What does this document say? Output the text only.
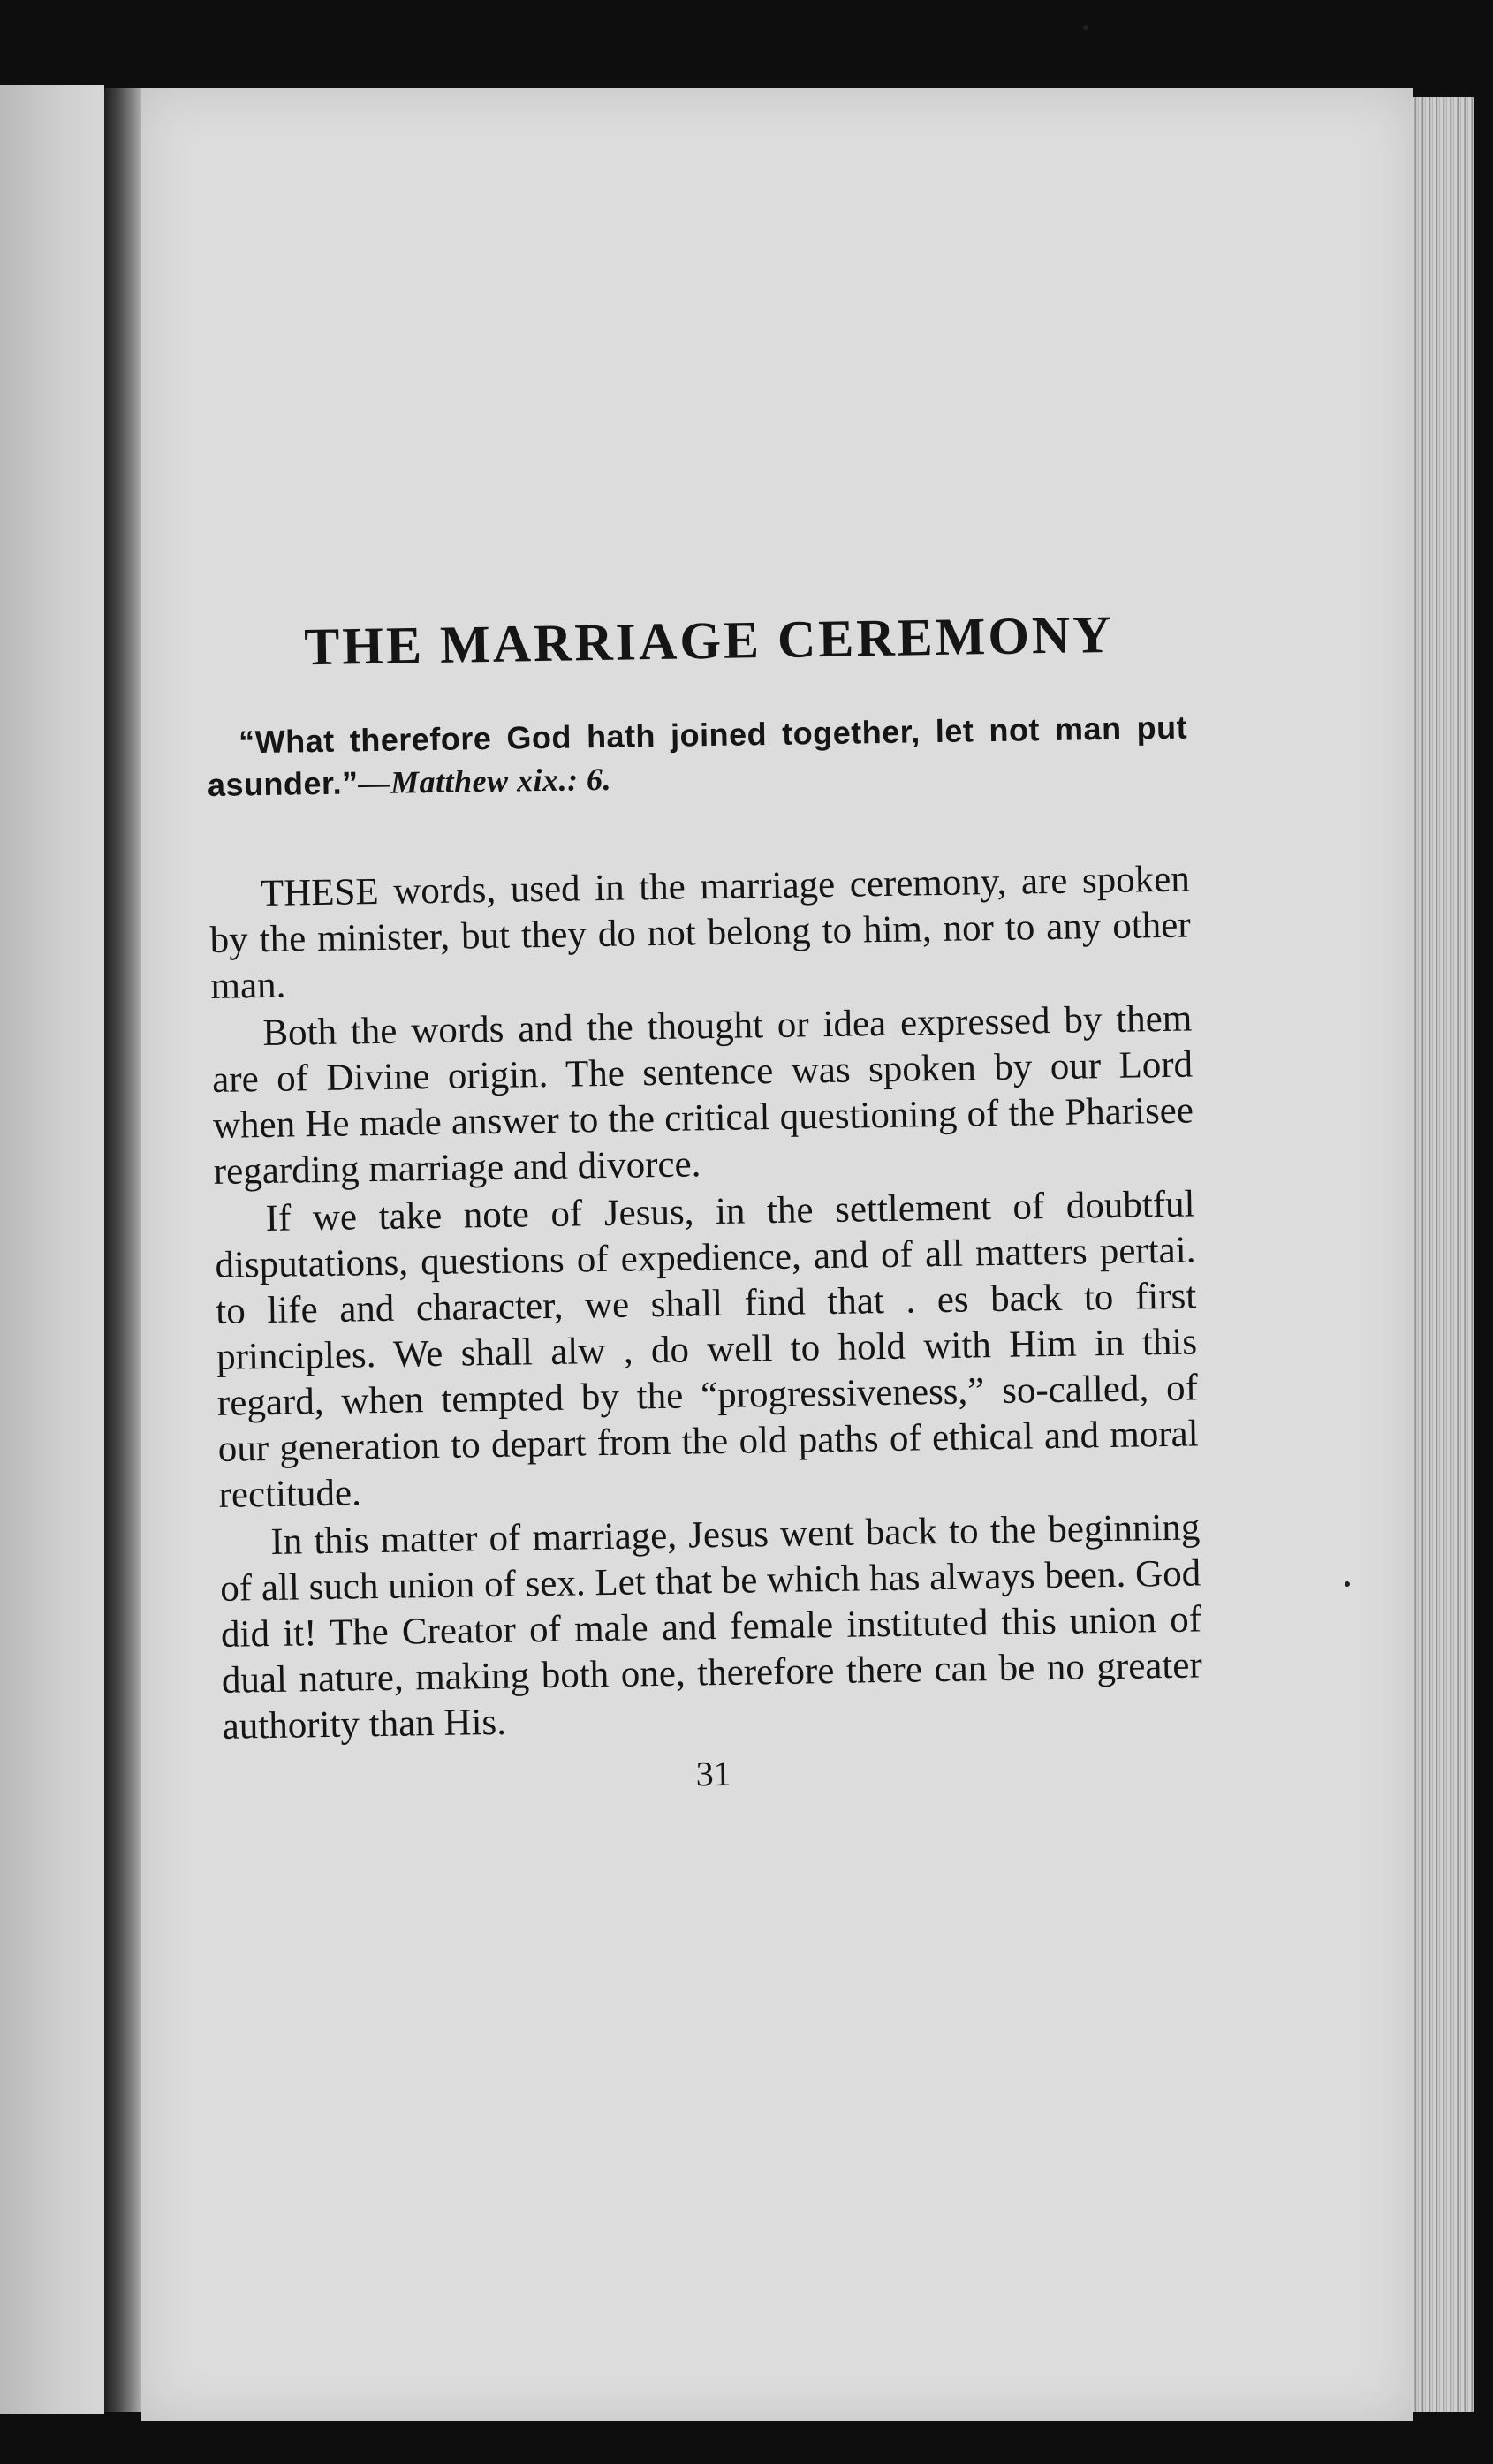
THE MARRIAGE CEREMONY

“What therefore God hath joined together, let not man put asunder.”—Matthew xix.: 6.

THESE words, used in the marriage ceremony, are spoken by the minister, but they do not belong to him, nor to any other man.

Both the words and the thought or idea expressed by them are of Divine origin. The sentence was spoken by our Lord when He made answer to the critical questioning of the Pharisee regarding marriage and divorce.

If we take note of Jesus, in the settlement of doubtful disputations, questions of expedience, and of all matters pertai. to life and character, we shall find that . es back to first principles. We shall alw , do well to hold with Him in this regard, when tempted by the “progressiveness,” so-called, of our generation to depart from the old paths of ethical and moral rectitude.

In this matter of marriage, Jesus went back to the beginning of all such union of sex. Let that be which has always been. God did it! The Creator of male and female instituted this union of dual nature, making both one, therefore there can be no greater authority than His.

31
